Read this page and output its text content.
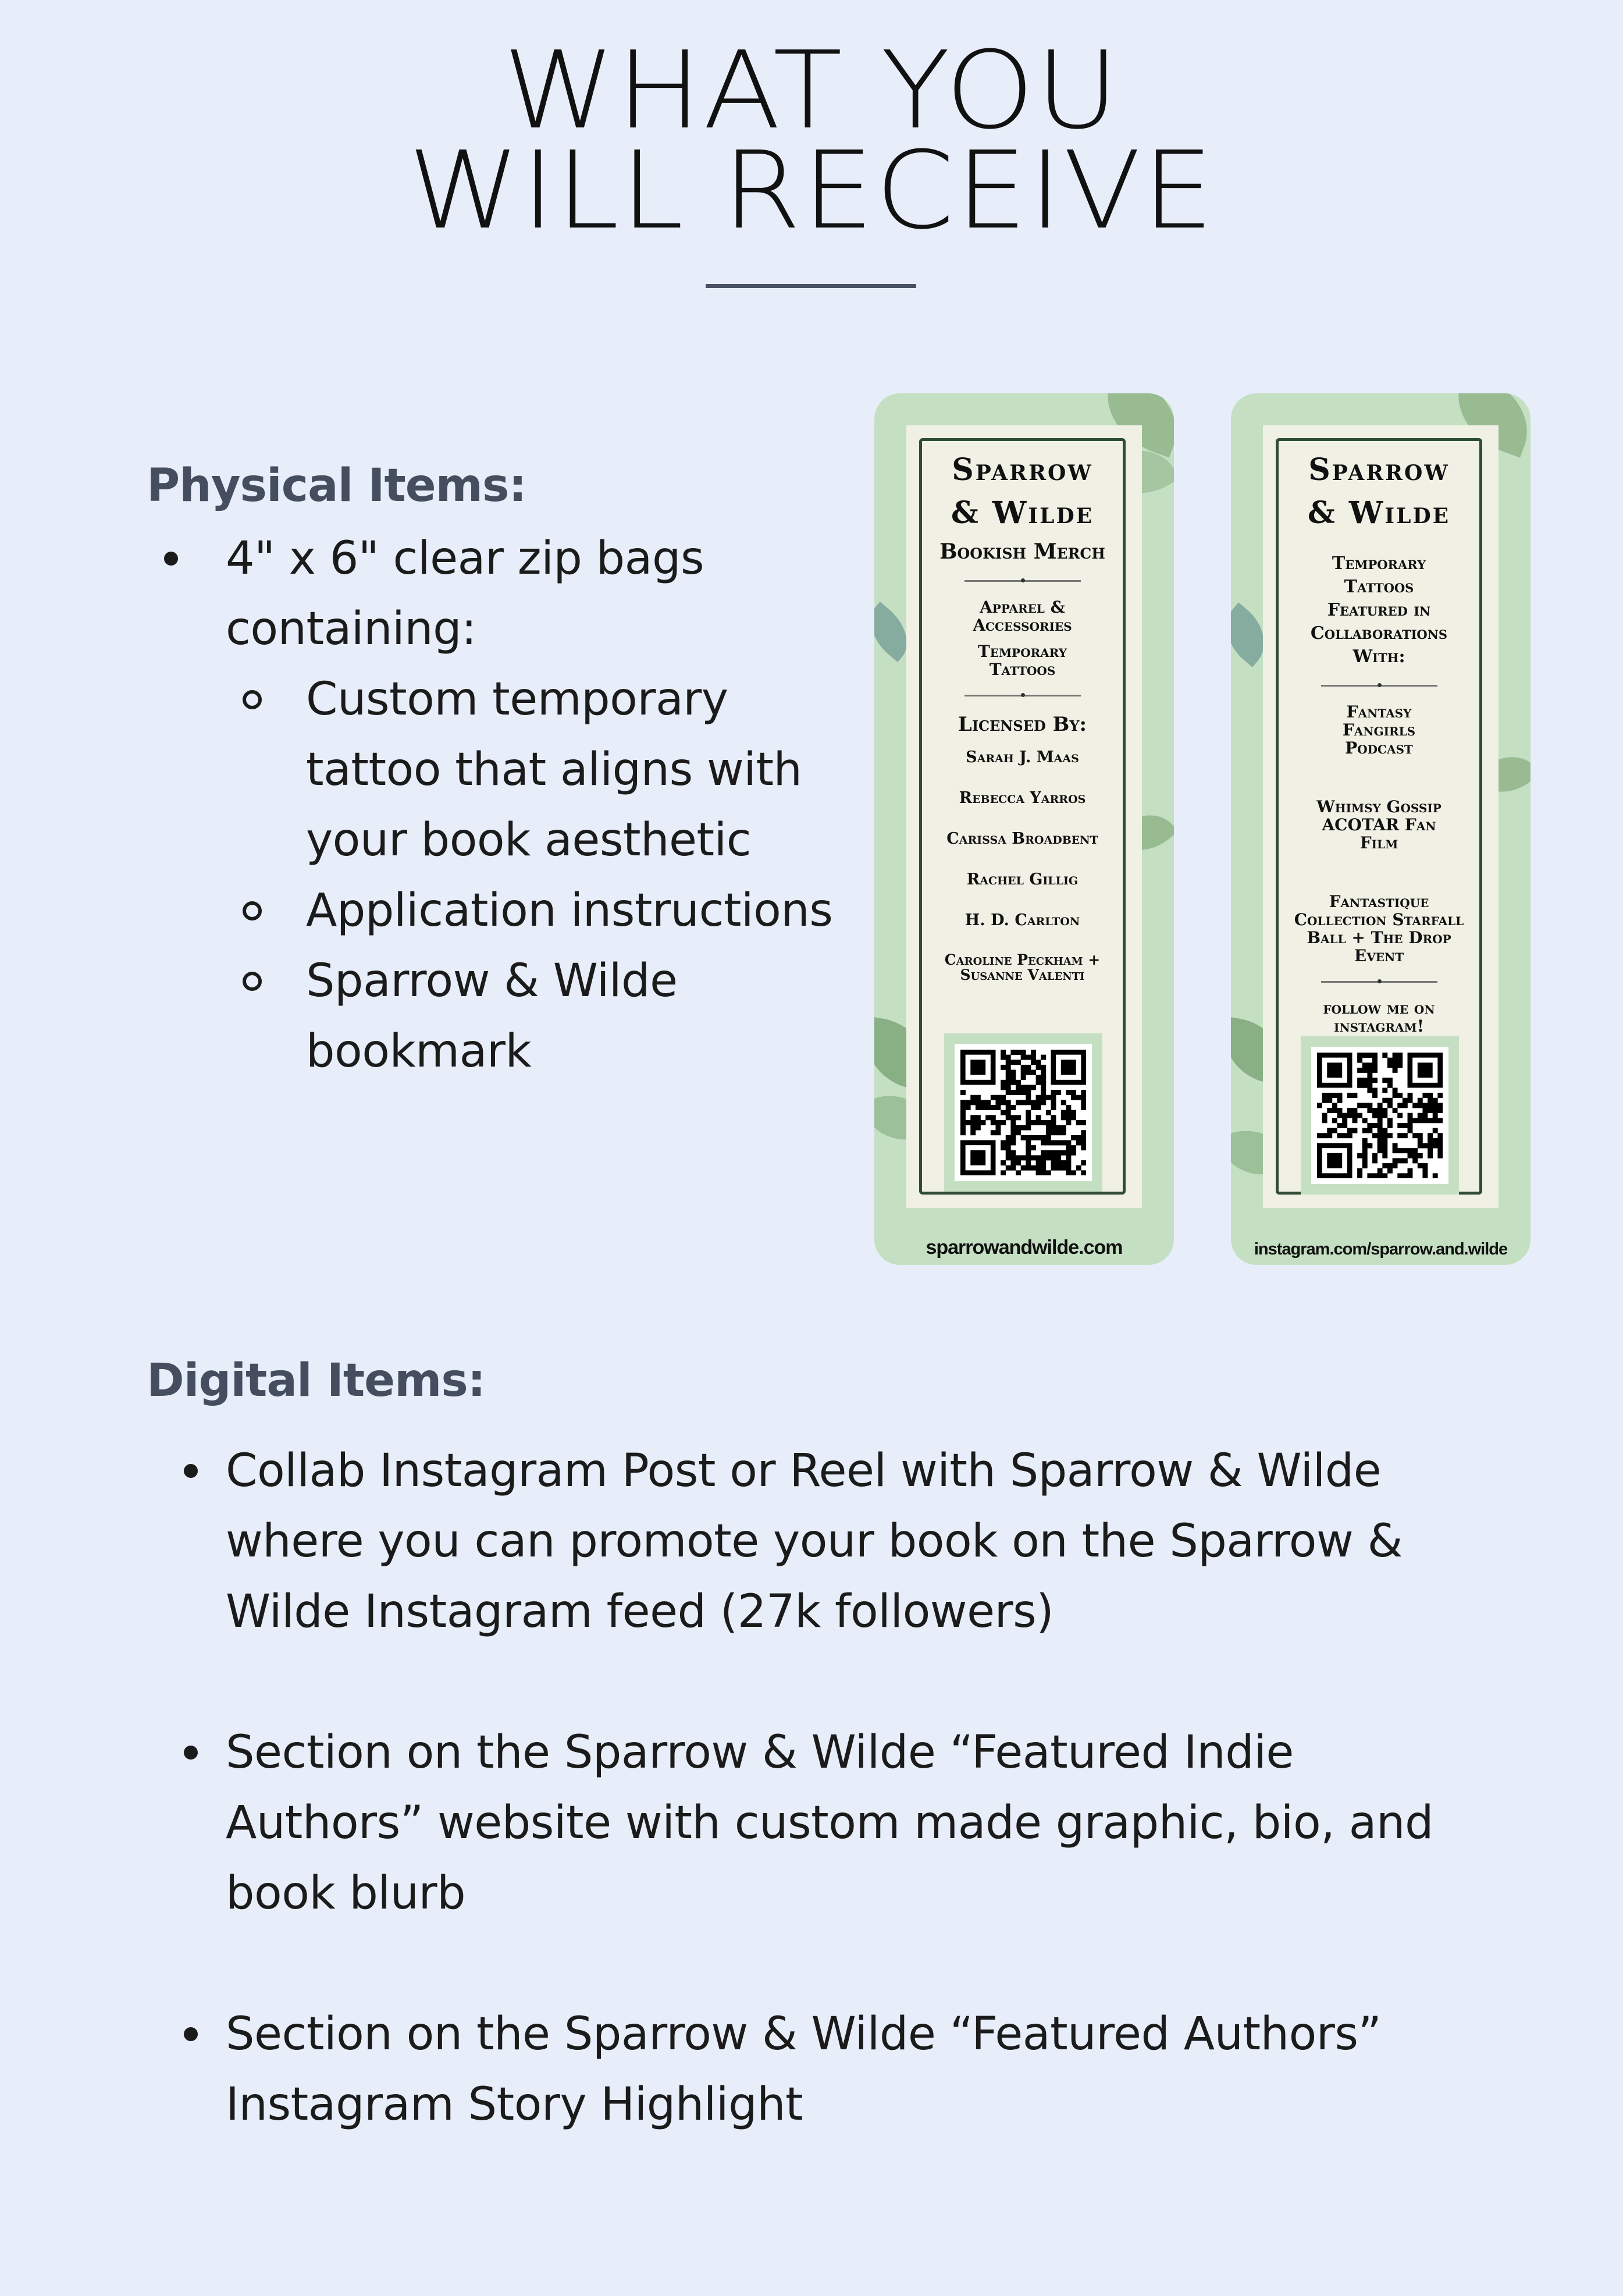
WHAT YOU
WILL RECEIVE
Physical Items:
4" x 6" clear zip bags containing:
Custom temporary tattoo that aligns with your book aesthetic
Application instructions
Sparrow & Wilde bookmark
Sparrow
& Wilde
Bookish Merch
Apparel & Accessories
Temporary Tattoos
Licensed By:
Sarah J. Maas
Rebecca Yarros
Carissa Broadbent
Rachel Gillig
H. D. Carlton
Caroline Peckham + Susanne Valenti
sparrowandwilde.com
Sparrow
& Wilde
Temporary Tattoos Featured in Collaborations With:
Fantasy Fangirls Podcast
Whimsy Gossip ACOTAR Fan Film
Fantastique Collection Starfall Ball + The Drop Event
follow me on instagram!
instagram.com/sparrow.and.wilde
Digital Items:
Collab Instagram Post or Reel with Sparrow & Wilde where you can promote your book on the Sparrow & Wilde Instagram feed (27k followers)
Section on the Sparrow & Wilde “Featured Indie Authors” website with custom made graphic, bio, and book blurb
Section on the Sparrow & Wilde “Featured Authors” Instagram Story Highlight
